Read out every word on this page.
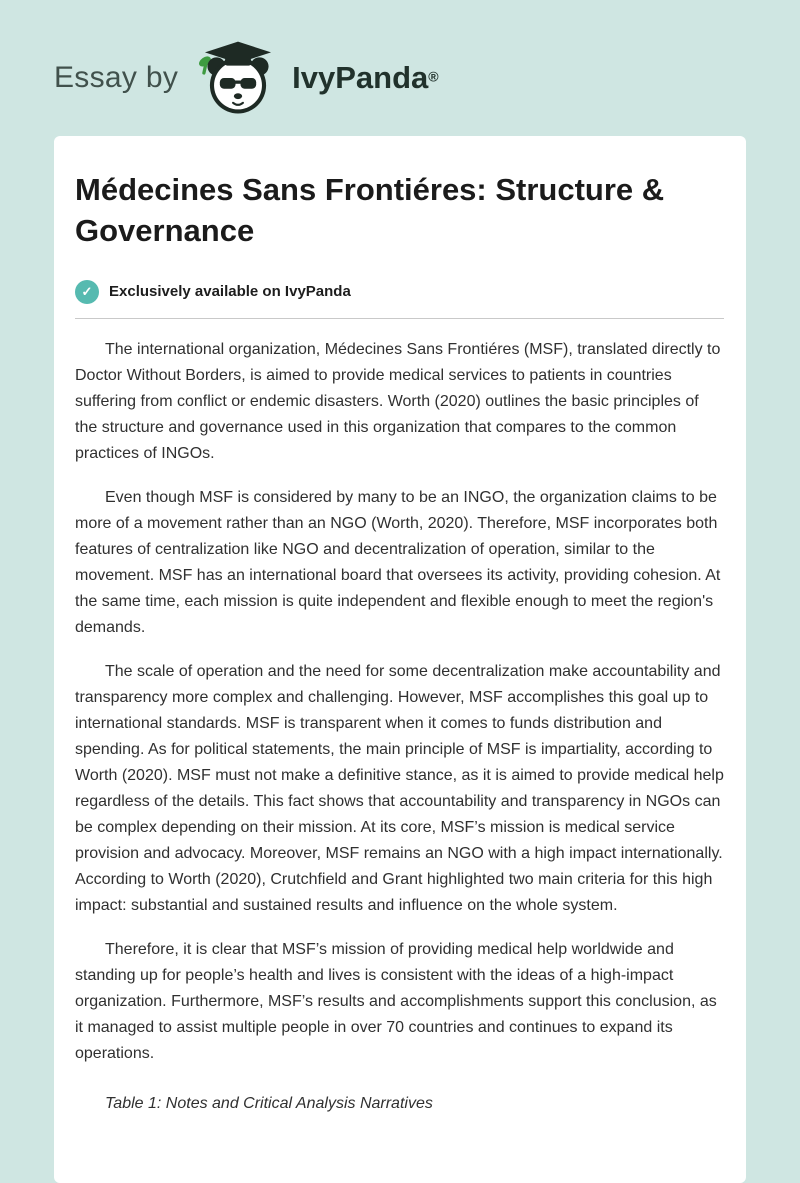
Essay by	IvyPanda®
Médecines Sans Frontiéres: Structure & Governance
✓	Exclusively available on IvyPanda

The international organization, Médecines Sans Frontiéres (MSF), translated directly to Doctor Without Borders, is aimed to provide medical services to patients in countries suffering from conflict or endemic disasters. Worth (2020) outlines the basic principles of the structure and governance used in this organization that compares to the common practices of INGOs.

Even though MSF is considered by many to be an INGO, the organization claims to be more of a movement rather than an NGO (Worth, 2020). Therefore, MSF incorporates both features of centralization like NGO and decentralization of operation, similar to the movement. MSF has an international board that oversees its activity, providing cohesion. At the same time, each mission is quite independent and flexible enough to meet the region's demands.

The scale of operation and the need for some decentralization make accountability and transparency more complex and challenging. However, MSF accomplishes this goal up to international standards. MSF is transparent when it comes to funds distribution and spending. As for political statements, the main principle of MSF is impartiality, according to Worth (2020). MSF must not make a definitive stance, as it is aimed to provide medical help regardless of the details. This fact shows that accountability and transparency in NGOs can be complex depending on their mission. At its core, MSF’s mission is medical service provision and advocacy. Moreover, MSF remains an NGO with a high impact internationally. According to Worth (2020), Crutchfield and Grant highlighted two main criteria for this high impact: substantial and sustained results and influence on the whole system.

Therefore, it is clear that MSF’s mission of providing medical help worldwide and standing up for people’s health and lives is consistent with the ideas of a high-impact organization. Furthermore, MSF’s results and accomplishments support this conclusion, as it managed to assist multiple people in over 70 countries and continues to expand its operations.

Table 1: Notes and Critical Analysis Narratives
